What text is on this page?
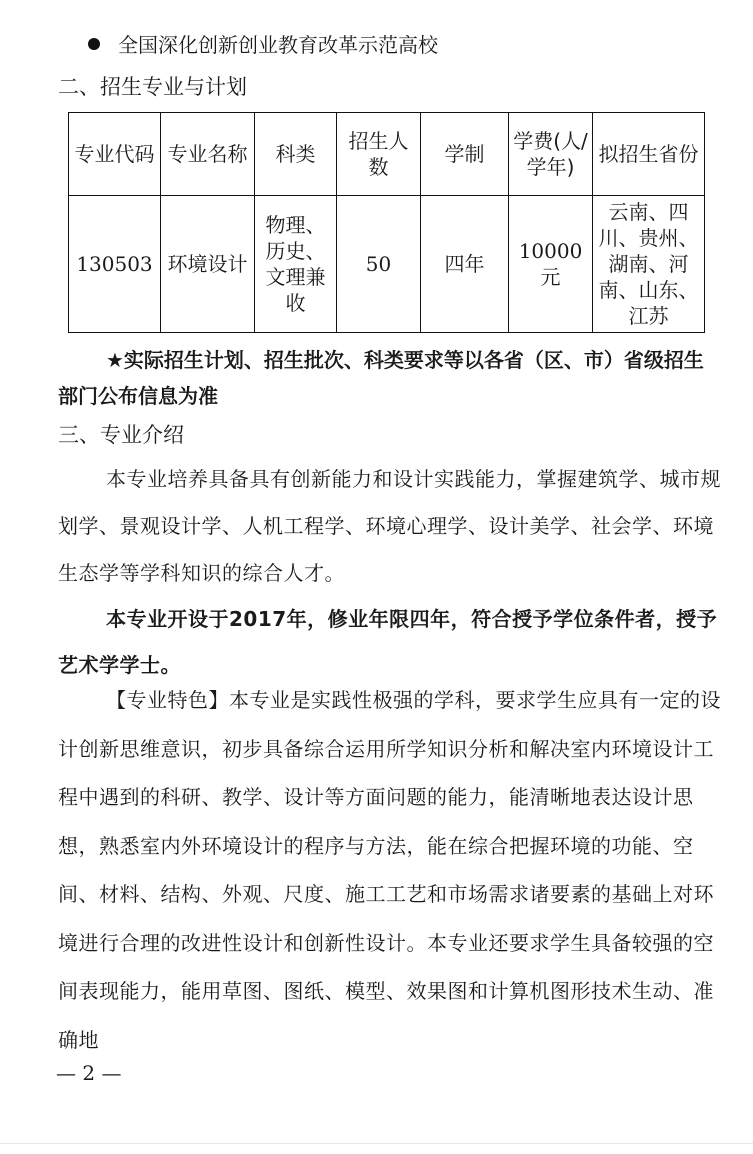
全国深化创新创业教育改革示范高校
二、招生专业与计划
专业代码	专业名称	科类	招生人数	学制	学费(人/学年)	拟招生省份
130503	环境设计	物理、历史、文理兼收	50	四年	10000元	云南、四川、贵州、湖南、河南、山东、江苏
★实际招生计划、招生批次、科类要求等以各省（区、市）省级招生部门公布信息为准
三、专业介绍
本专业培养具备具有创新能力和设计实践能力，掌握建筑学、城市规划学、景观设计学、人机工程学、环境心理学、设计美学、社会学、环境生态学等学科知识的综合人才。
本专业开设于2017年，修业年限四年，符合授予学位条件者，授予艺术学学士。
【专业特色】本专业是实践性极强的学科，要求学生应具有一定的设计创新思维意识，初步具备综合运用所学知识分析和解决室内环境设计工程中遇到的科研、教学、设计等方面问题的能力，能清晰地表达设计思想，熟悉室内外环境设计的程序与方法，能在综合把握环境的功能、空间、材料、结构、外观、尺度、施工工艺和市场需求诸要素的基础上对环境进行合理的改进性设计和创新性设计。本专业还要求学生具备较强的空间表现能力，能用草图、图纸、模型、效果图和计算机图形技术生动、准确地
— 2 —
